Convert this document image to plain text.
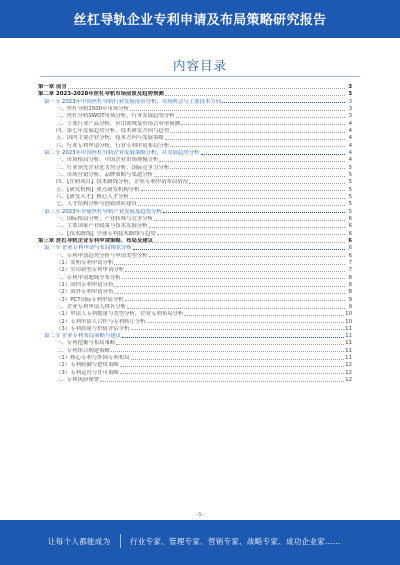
丝杠导轨企业专利申请及布局策略研究报告
内容目录
第一章 前言	3
第二章 2023-2028年丝杠导轨市场前景及趋势预测	3
第一节 2023年中国丝杠导轨行业发展前景分析，市场机会与主要技术方向	3
一、丝杠导轨1500年市场分析	3
二、丝杠导轨SWOT市场分析，行业发展趋势分析	3
三、主要行业产品分析，应用领域及市场占有率预测	4
四、第七年发展趋势分析，技术研发方向与趋势	4
五、国内主要企业分析，技术方向与发展策略	4
六、行业专利申请分析，行业专利申请布局分析	4
第二节 2023年中国丝杠导轨企业发展策略分析，并发展趋势分析	4
一、市场格局分析，中国企业市场规模分析	4
二、行业领先企业优劣势分析，国际竞争力分析	5
三、市场营销分析，品牌策略与渠道分析	5
四、【在研项目】技术路线分析，企业专利申请布局情况	5
五、【研发机构】重点研发机构分析	5
六、【研发人才】核心人才分析	5
七、人才结构分析与创新团队建设	5
第三节 2023年全球丝杠导轨产业发展及趋势分析	5
一、国际格局分析，产业转移与竞争分析	6
二、主要国家产业政策与技术发展分析	6
三、【技术路线】全球专利技术路线与趋势	6
第三章 丝杠导轨企业专利申请策略、布局及建议	6
第一节 企业专利申请与布局现状分析	6
一、专利申请趋势分析与申请类型分析	6
（1）发明专利申请分析	7
（2）实用新型专利申请分析	7
二、专利申请地域分布分析	8
（1）国内专利申请分布	8
（2）海外专利申请分布	8
（3）PCT国际专利申请分析	9
三、企业专利申请人排名分析	9
（1）申请人专利数量与类型分析，企业专利布局分析	10
（2）专利申请人合作与专利转让分析	10
（3）专利质量与价值评估分析	11
第二节 企业专利布局策略与建议	11
一、专利挖掘与布局策略	11
二、专利组合构建策略	11
（1）核心专利与外围专利布局	11
（2）专利防御与进攻策略	12
（3）专利运营与许可策略	12
三、专利风险预警	12
-1-
让每个人都能成为	行业专家、管理专家、营销专家、战略专家、成功企业家……
